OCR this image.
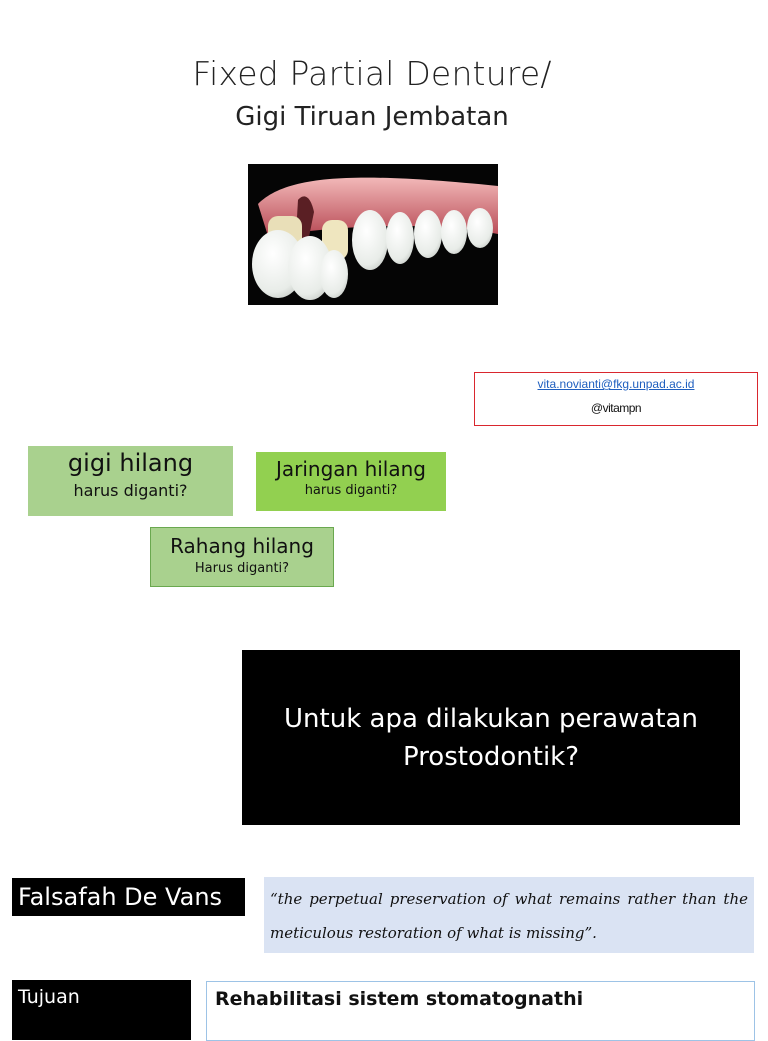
Fixed Partial Denture/
Gigi Tiruan Jembatan
vita.novianti@fkg.unpad.ac.id
@vitampn
gigi hilang
harus diganti?
Jaringan hilang
harus diganti?
Rahang hilang
Harus diganti?
Untuk apa dilakukan perawatan
Prostodontik?
Falsafah De Vans	“the perpetual preservation of what remains rather than the meticulous restoration of what is missing”.
Tujuan	Rehabilitasi sistem stomatognathi
